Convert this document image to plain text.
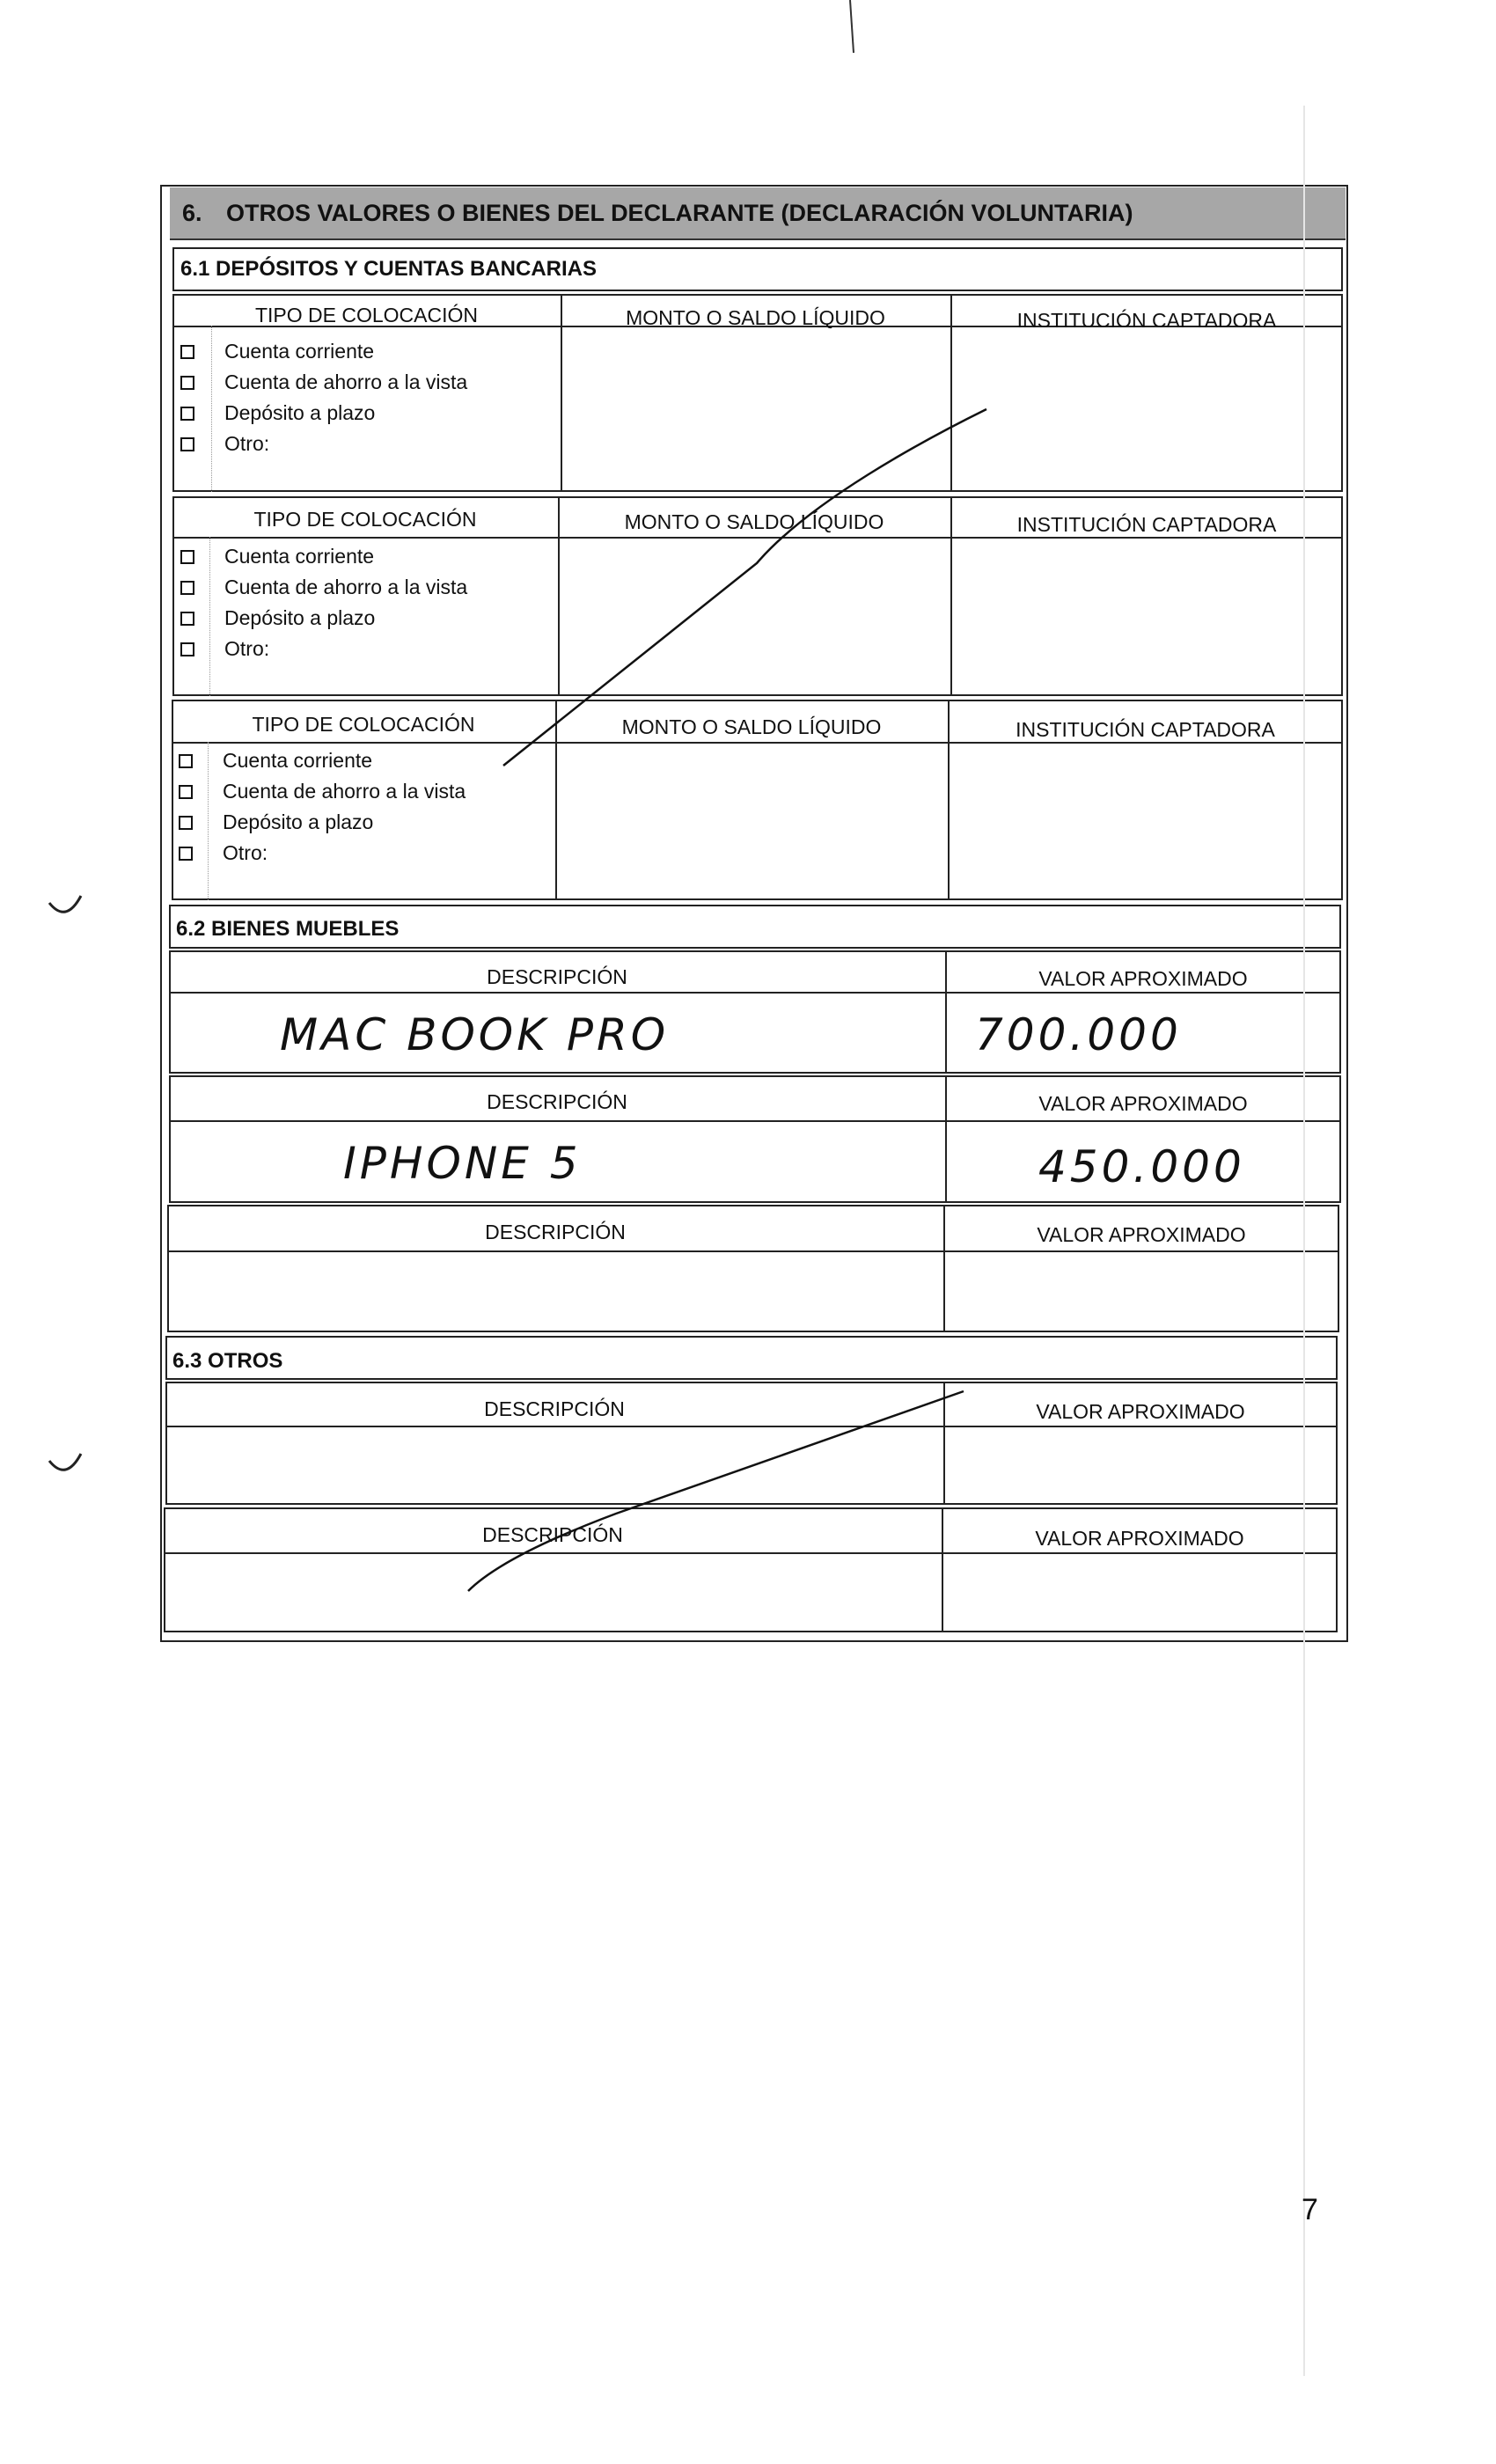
6.	OTROS VALORES O BIENES DEL DECLARANTE (DECLARACIÓN VOLUNTARIA)
6.1 DEPÓSITOS Y CUENTAS BANCARIAS
TIPO DE COLOCACIÓN	MONTO O SALDO LÍQUIDO	INSTITUCIÓN CAPTADORA
Cuenta corriente
Cuenta de ahorro a la vista
Depósito a plazo
Otro:
TIPO DE COLOCACIÓN	MONTO O SALDO LÍQUIDO	INSTITUCIÓN CAPTADORA
Cuenta corriente
Cuenta de ahorro a la vista
Depósito a plazo
Otro:
TIPO DE COLOCACIÓN	MONTO O SALDO LÍQUIDO	INSTITUCIÓN CAPTADORA
Cuenta corriente
Cuenta de ahorro a la vista
Depósito a plazo
Otro:
6.2 BIENES MUEBLES
DESCRIPCIÓN	VALOR APROXIMADO
MAC BOOK PRO	700.000
DESCRIPCIÓN	VALOR APROXIMADO
IPHONE 5	450.000
DESCRIPCIÓN	VALOR APROXIMADO
6.3 OTROS
DESCRIPCIÓN	VALOR APROXIMADO
DESCRIPCIÓN	VALOR APROXIMADO
7
